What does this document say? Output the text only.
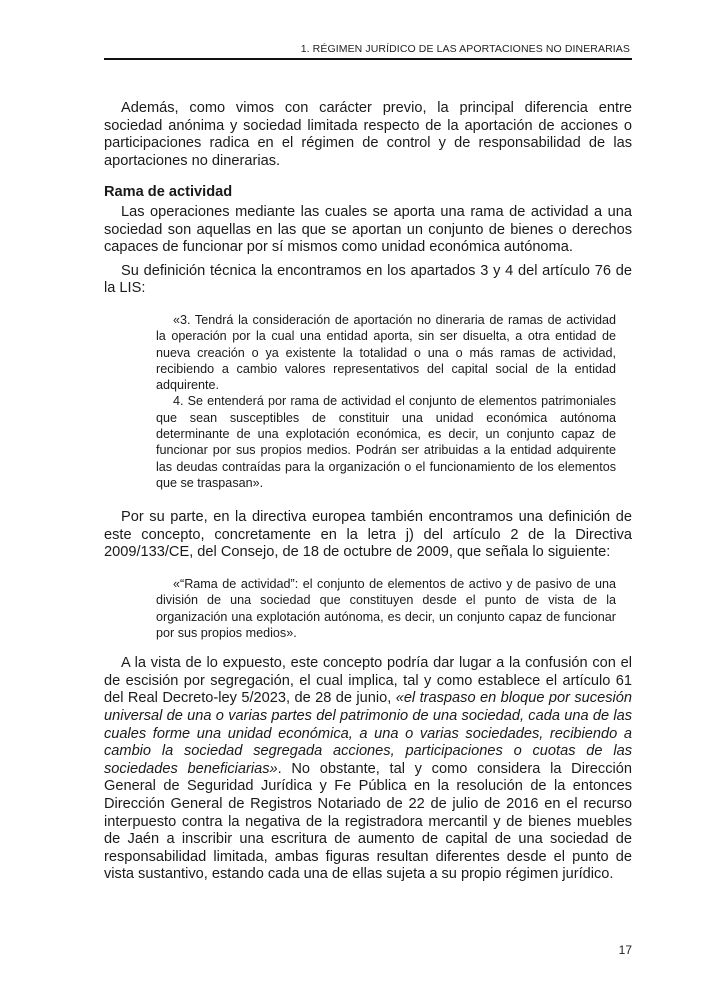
1. RÉGIMEN JURÍDICO DE LAS APORTACIONES NO DINERARIAS

Además, como vimos con carácter previo, la principal diferencia entre sociedad anónima y sociedad limitada respecto de la aportación de acciones o participaciones radica en el régimen de control y de responsabilidad de las aportaciones no dinerarias.

Rama de actividad

Las operaciones mediante las cuales se aporta una rama de actividad a una sociedad son aquellas en las que se aportan un conjunto de bienes o derechos capaces de funcionar por sí mismos como unidad económica autónoma.

Su definición técnica la encontramos en los apartados 3 y 4 del artículo 76 de la LIS:

«3. Tendrá la consideración de aportación no dineraria de ramas de actividad la operación por la cual una entidad aporta, sin ser disuelta, a otra entidad de nueva creación o ya existente la totalidad o una o más ramas de actividad, recibiendo a cambio valores representativos del capital social de la entidad adquirente.

4. Se entenderá por rama de actividad el conjunto de elementos patrimoniales que sean susceptibles de constituir una unidad económica autónoma determinante de una explotación económica, es decir, un conjunto capaz de funcionar por sus propios medios. Podrán ser atribuidas a la entidad adquirente las deudas contraídas para la organización o el funcionamiento de los elementos que se traspasan».

Por su parte, en la directiva europea también encontramos una definición de este concepto, concretamente en la letra j) del artículo 2 de la Directiva 2009/133/CE, del Consejo, de 18 de octubre de 2009, que señala lo siguiente:

«“Rama de actividad”: el conjunto de elementos de activo y de pasivo de una división de una sociedad que constituyen desde el punto de vista de la organización una explotación autónoma, es decir, un conjunto capaz de funcionar por sus propios medios».

A la vista de lo expuesto, este concepto podría dar lugar a la confusión con el de escisión por segregación, el cual implica, tal y como establece el artículo 61 del Real Decreto-ley 5/2023, de 28 de junio, «el traspaso en bloque por sucesión universal de una o varias partes del patrimonio de una sociedad, cada una de las cuales forme una unidad económica, a una o varias sociedades, recibiendo a cambio la sociedad segregada acciones, participaciones o cuotas de las sociedades beneficiarias». No obstante, tal y como considera la Dirección General de Seguridad Jurídica y Fe Pública en la resolución de la entonces Dirección General de Registros Notariado de 22 de julio de 2016 en el recurso interpuesto contra la negativa de la registradora mercantil y de bienes muebles de Jaén a inscribir una escritura de aumento de capital de una sociedad de responsabilidad limitada, ambas figuras resultan diferentes desde el punto de vista sustantivo, estando cada una de ellas sujeta a su propio régimen jurídico.

17
